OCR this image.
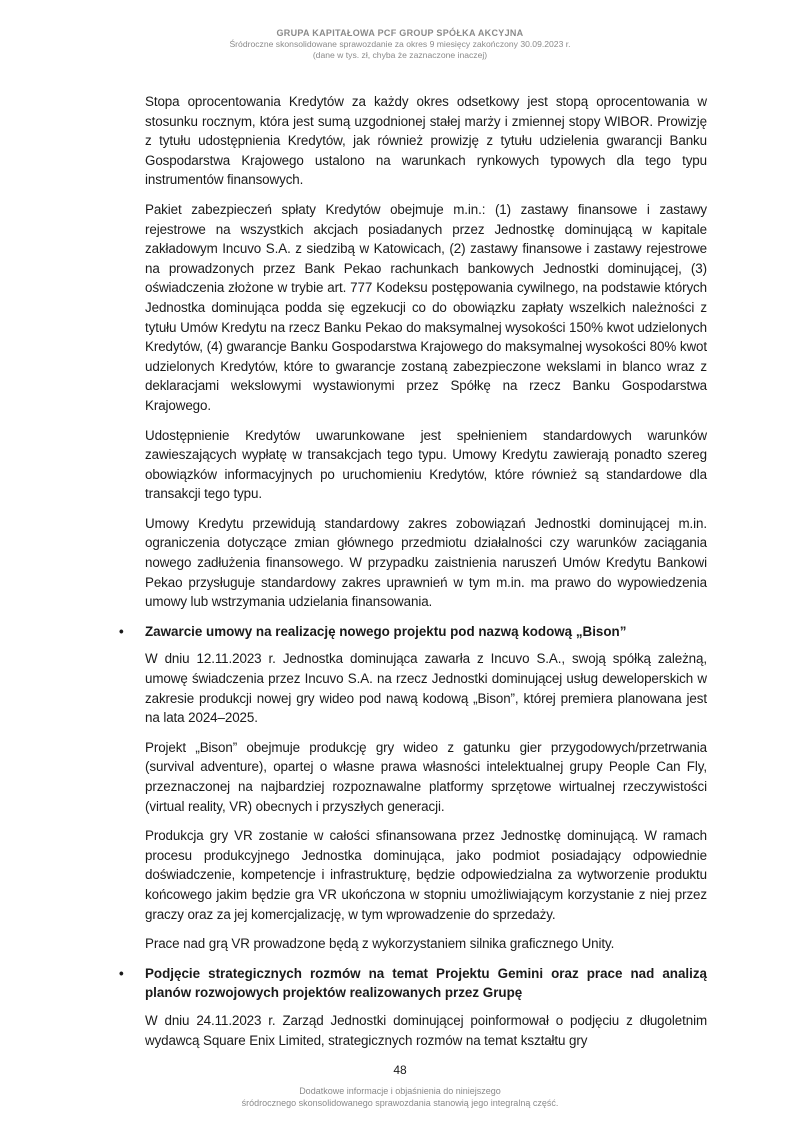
GRUPA KAPITAŁOWA PCF GROUP SPÓŁKA AKCYJNA
Śródroczne skonsolidowane sprawozdanie za okres 9 miesięcy zakończony 30.09.2023 r.
(dane w tys. zł, chyba że zaznaczone inaczej)

Stopa oprocentowania Kredytów za każdy okres odsetkowy jest stopą oprocentowania w stosunku rocznym, która jest sumą uzgodnionej stałej marży i zmiennej stopy WIBOR. Prowizję z tytułu udostępnienia Kredytów, jak również prowizję z tytułu udzielenia gwarancji Banku Gospodarstwa Krajowego ustalono na warunkach rynkowych typowych dla tego typu instrumentów finansowych.

Pakiet zabezpieczeń spłaty Kredytów obejmuje m.in.: (1) zastawy finansowe i zastawy rejestrowe na wszystkich akcjach posiadanych przez Jednostkę dominującą w kapitale zakładowym Incuvo S.A. z siedzibą w Katowicach, (2) zastawy finansowe i zastawy rejestrowe na prowadzonych przez Bank Pekao rachunkach bankowych Jednostki dominującej, (3) oświadczenia złożone w trybie art. 777 Kodeksu postępowania cywilnego, na podstawie których Jednostka dominująca podda się egzekucji co do obowiązku zapłaty wszelkich należności z tytułu Umów Kredytu na rzecz Banku Pekao do maksymalnej wysokości 150% kwot udzielonych Kredytów, (4) gwarancje Banku Gospodarstwa Krajowego do maksymalnej wysokości 80% kwot udzielonych Kredytów, które to gwarancje zostaną zabezpieczone wekslami in blanco wraz z deklaracjami wekslowymi wystawionymi przez Spółkę na rzecz Banku Gospodarstwa Krajowego.

Udostępnienie Kredytów uwarunkowane jest spełnieniem standardowych warunków zawieszających wypłatę w transakcjach tego typu. Umowy Kredytu zawierają ponadto szereg obowiązków informacyjnych po uruchomieniu Kredytów, które również są standardowe dla transakcji tego typu.

Umowy Kredytu przewidują standardowy zakres zobowiązań Jednostki dominującej m.in. ograniczenia dotyczące zmian głównego przedmiotu działalności czy warunków zaciągania nowego zadłużenia finansowego. W przypadku zaistnienia naruszeń Umów Kredytu Bankowi Pekao przysługuje standardowy zakres uprawnień w tym m.in. ma prawo do wypowiedzenia umowy lub wstrzymania udzielania finansowania.

• Zawarcie umowy na realizację nowego projektu pod nazwą kodową „Bison”

W dniu 12.11.2023 r. Jednostka dominująca zawarła z Incuvo S.A., swoją spółką zależną, umowę świadczenia przez Incuvo S.A. na rzecz Jednostki dominującej usług deweloperskich w zakresie produkcji nowej gry wideo pod nawą kodową „Bison”, której premiera planowana jest na lata 2024–2025.

Projekt „Bison” obejmuje produkcję gry wideo z gatunku gier przygodowych/przetrwania (survival adventure), opartej o własne prawa własności intelektualnej grupy People Can Fly, przeznaczonej na najbardziej rozpoznawalne platformy sprzętowe wirtualnej rzeczywistości (virtual reality, VR) obecnych i przyszłych generacji.

Produkcja gry VR zostanie w całości sfinansowana przez Jednostkę dominującą. W ramach procesu produkcyjnego Jednostka dominująca, jako podmiot posiadający odpowiednie doświadczenie, kompetencje i infrastrukturę, będzie odpowiedzialna za wytworzenie produktu końcowego jakim będzie gra VR ukończona w stopniu umożliwiającym korzystanie z niej przez graczy oraz za jej komercjalizację, w tym wprowadzenie do sprzedaży.

Prace nad grą VR prowadzone będą z wykorzystaniem silnika graficznego Unity.

• Podjęcie strategicznych rozmów na temat Projektu Gemini oraz prace nad analizą planów rozwojowych projektów realizowanych przez Grupę

W dniu 24.11.2023 r. Zarząd Jednostki dominującej poinformował o podjęciu z długoletnim wydawcą Square Enix Limited, strategicznych rozmów na temat kształtu gry

48
Dodatkowe informacje i objaśnienia do niniejszego
śródrocznego skonsolidowanego sprawozdania stanowią jego integralną część.
